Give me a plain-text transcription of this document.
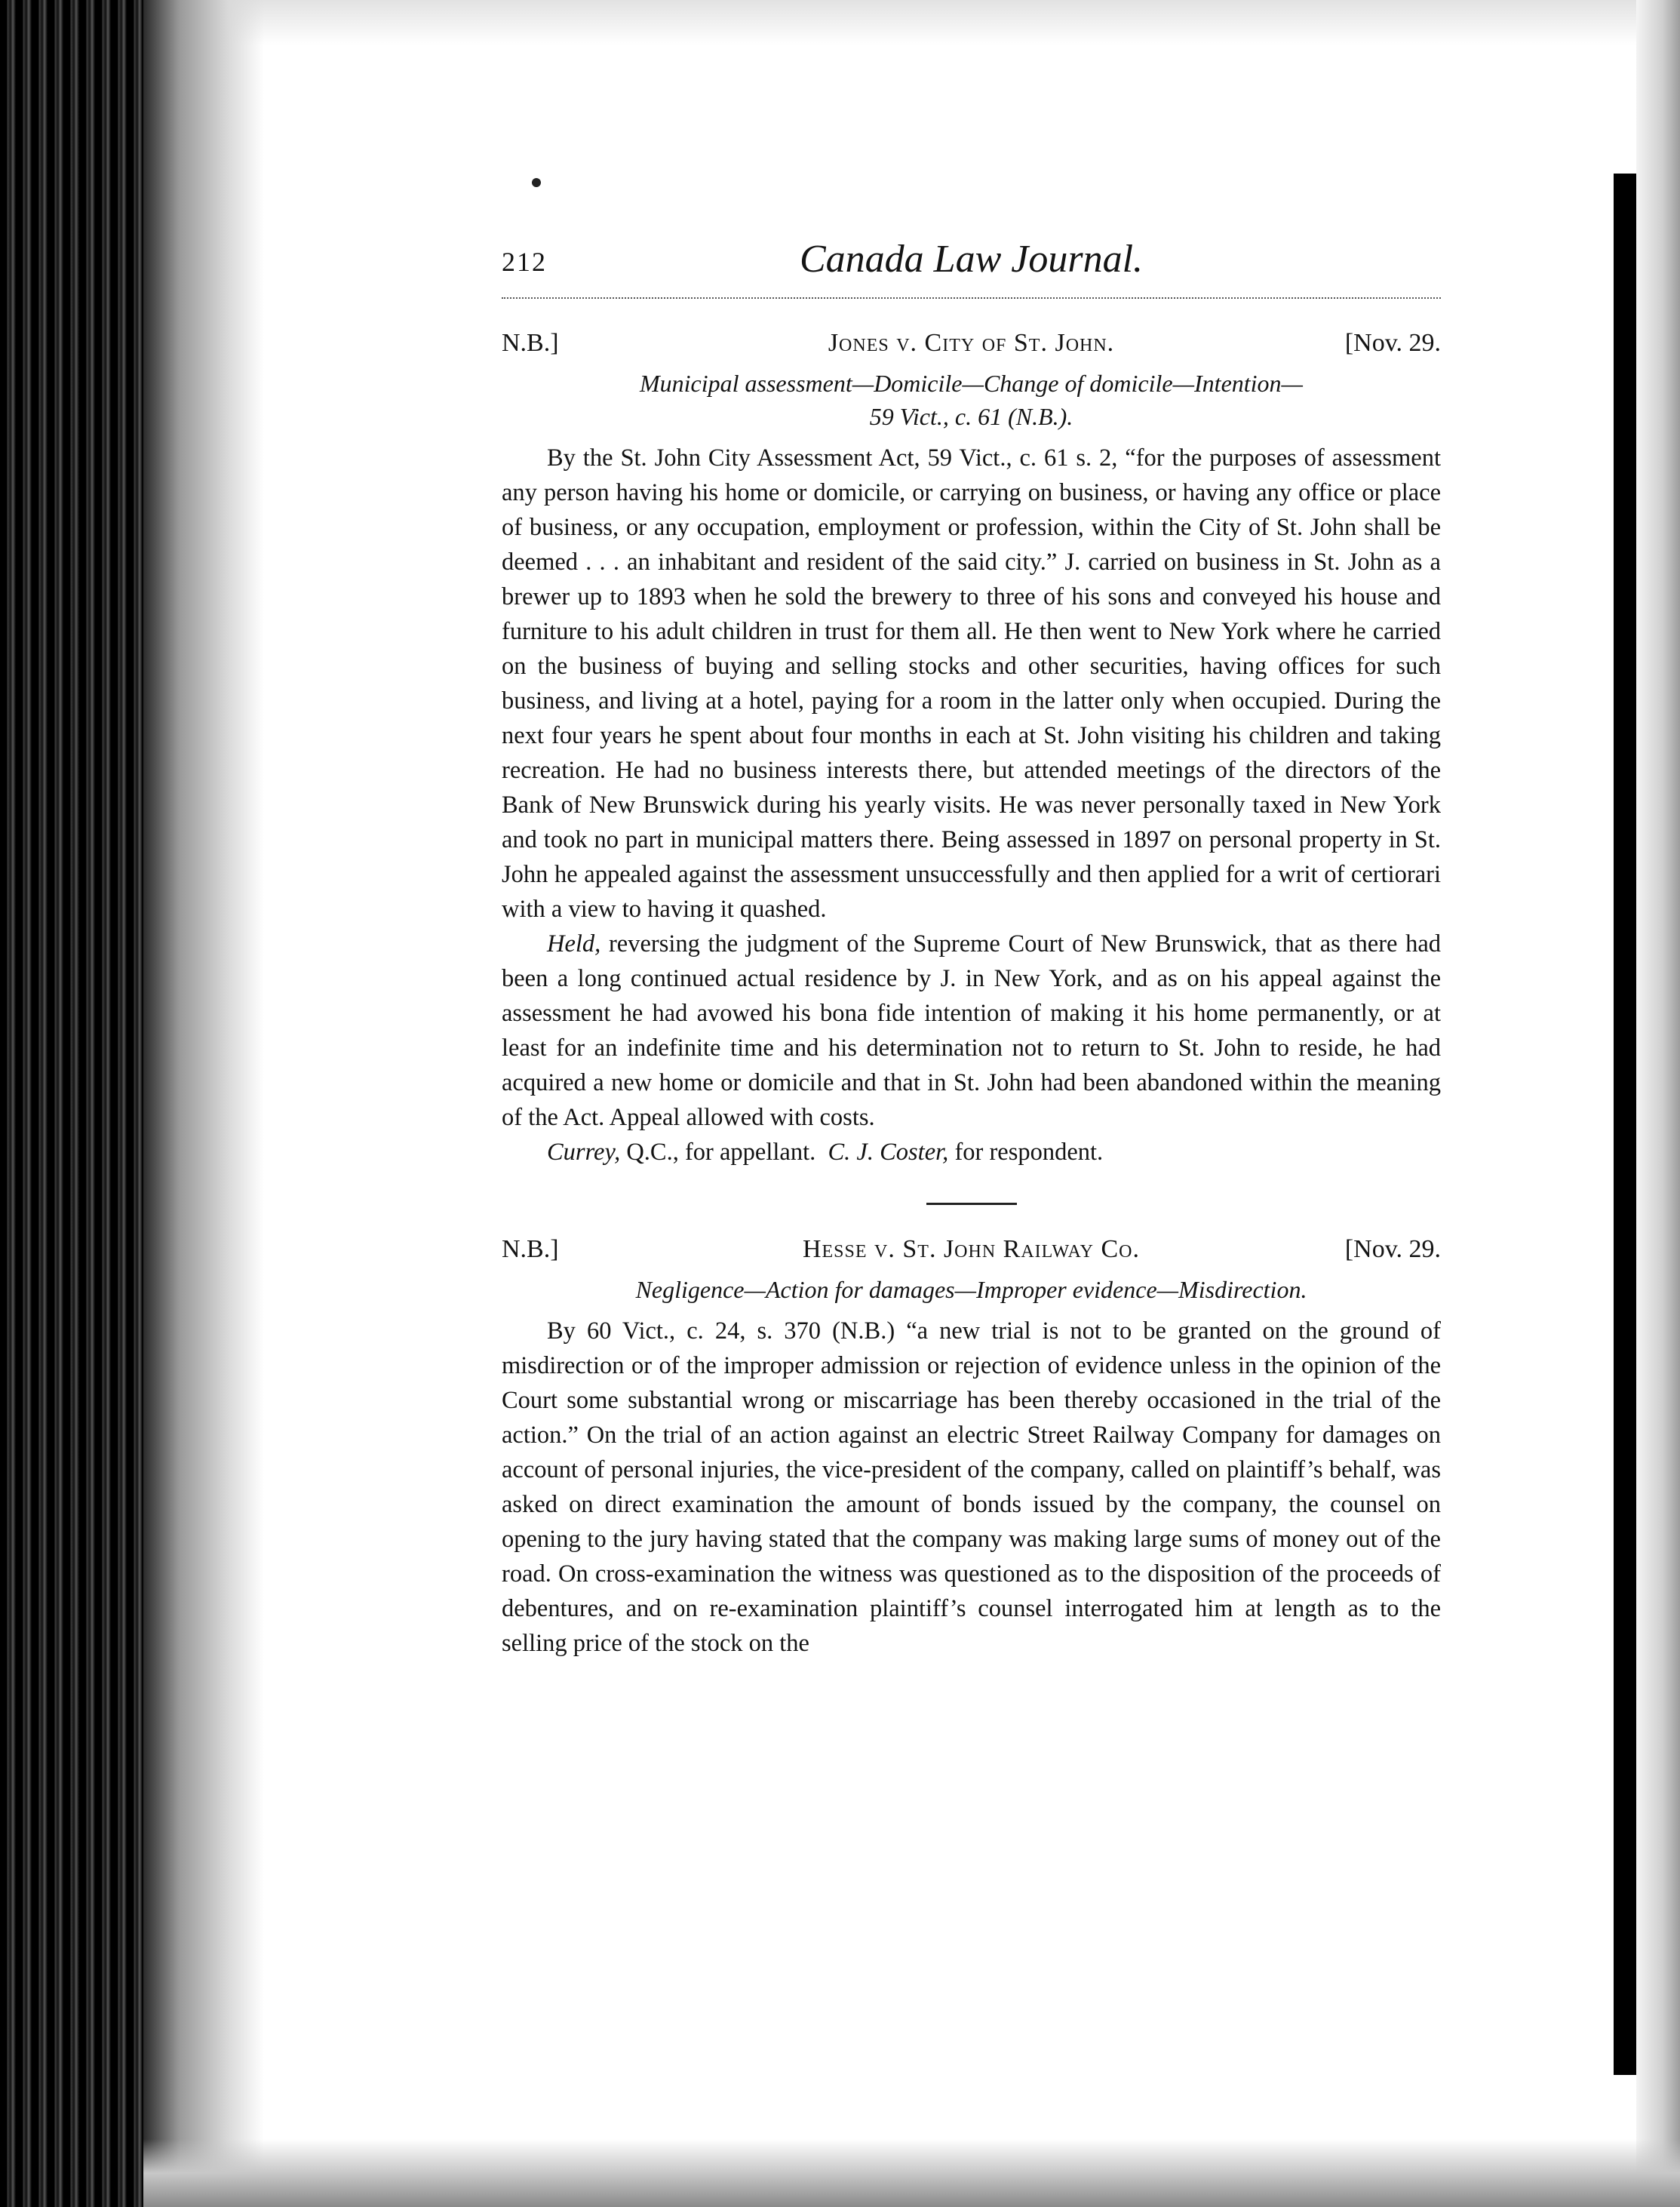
212	Canada Law Journal.
N.B.]	Jones v. City of St. John.	[Nov. 29.
Municipal assessment—Domicile—Change of domicile—Intention—
59 Vict., c. 61 (N.B.).

By the St. John City Assessment Act, 59 Vict., c. 61 s. 2, “for the purposes of assessment any person having his home or domicile, or carrying on business, or having any office or place of business, or any occupation, employment or profession, within the City of St. John shall be deemed . . . an inhabitant and resident of the said city.” J. carried on business in St. John as a brewer up to 1893 when he sold the brewery to three of his sons and conveyed his house and furniture to his adult children in trust for them all. He then went to New York where he carried on the business of buying and selling stocks and other securities, having offices for such business, and living at a hotel, paying for a room in the latter only when occupied. During the next four years he spent about four months in each at St. John visiting his children and taking recreation. He had no business interests there, but attended meetings of the directors of the Bank of New Brunswick during his yearly visits. He was never personally taxed in New York and took no part in municipal matters there. Being assessed in 1897 on personal property in St. John he appealed against the assessment unsuccessfully and then applied for a writ of certiorari with a view to having it quashed.

Held, reversing the judgment of the Supreme Court of New Brunswick, that as there had been a long continued actual residence by J. in New York, and as on his appeal against the assessment he had avowed his bona fide intention of making it his home permanently, or at least for an indefinite time and his determination not to return to St. John to reside, he had acquired a new home or domicile and that in St. John had been abandoned within the meaning of the Act. Appeal allowed with costs.

Currey, Q.C., for appellant. C. J. Coster, for respondent.

N.B.]	Hesse v. St. John Railway Co.	[Nov. 29.
Negligence—Action for damages—Improper evidence—Misdirection.

By 60 Vict., c. 24, s. 370 (N.B.) “a new trial is not to be granted on the ground of misdirection or of the improper admission or rejection of evidence unless in the opinion of the Court some substantial wrong or miscarriage has been thereby occasioned in the trial of the action.” On the trial of an action against an electric Street Railway Company for damages on account of personal injuries, the vice-president of the company, called on plaintiff’s behalf, was asked on direct examination the amount of bonds issued by the company, the counsel on opening to the jury having stated that the company was making large sums of money out of the road. On cross-examination the witness was questioned as to the disposition of the proceeds of debentures, and on re-examination plaintiff’s counsel interrogated him at length as to the selling price of the stock on the
